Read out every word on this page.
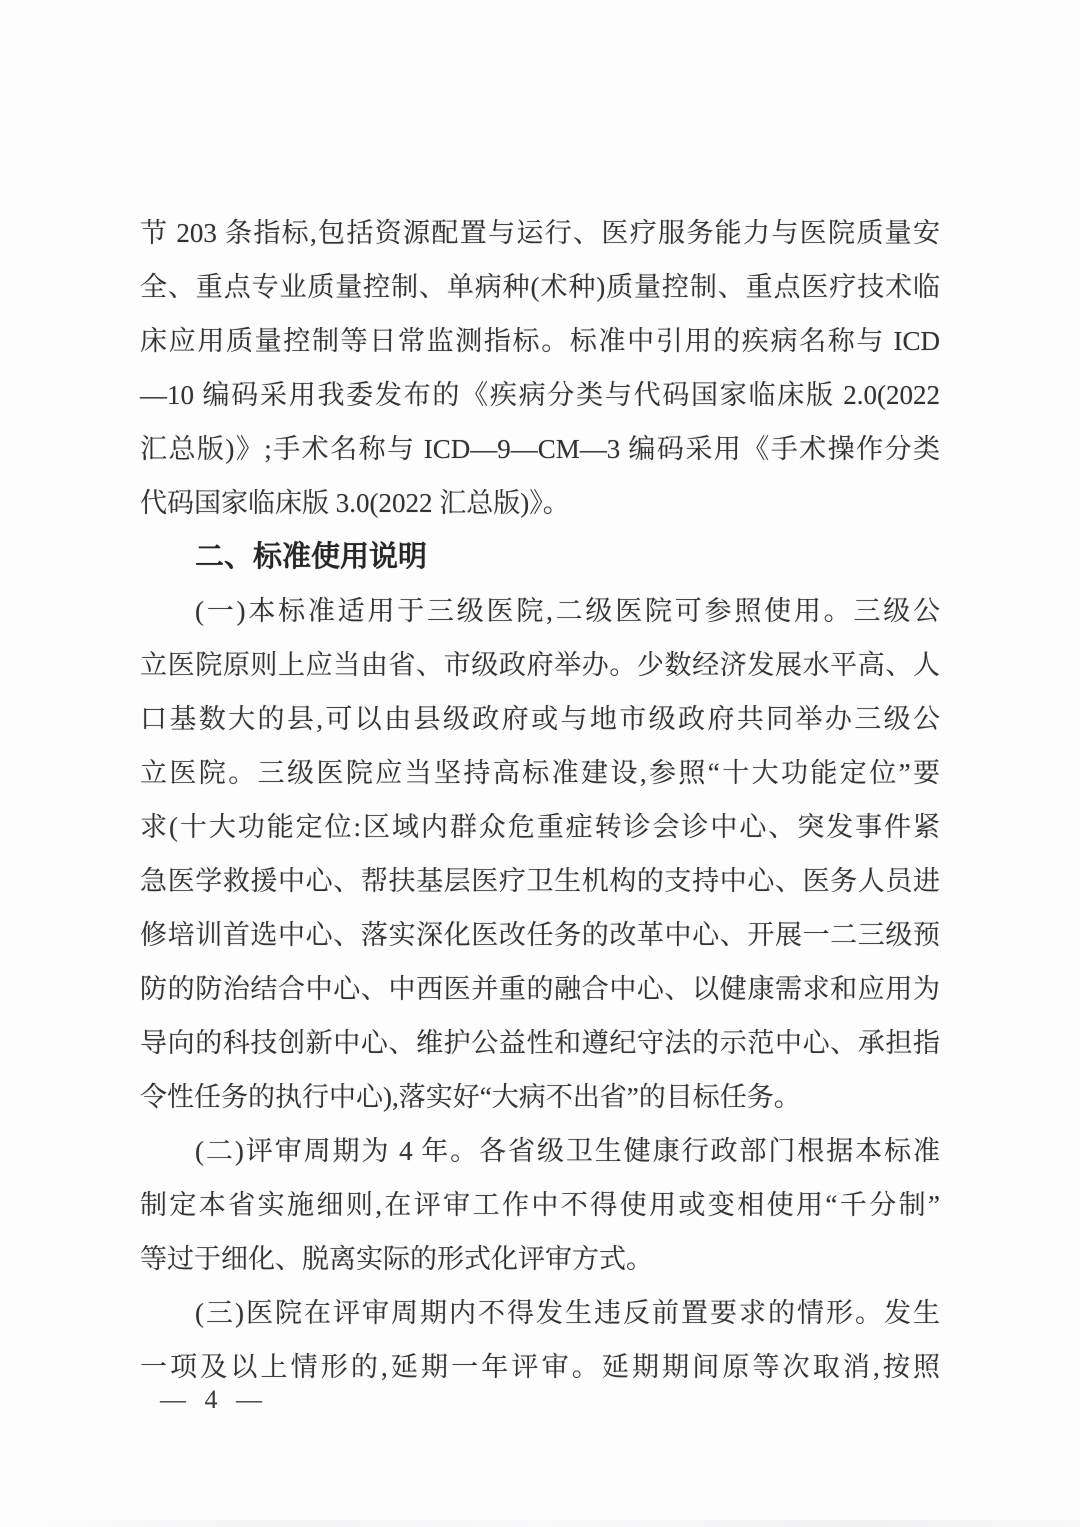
节 203 条指标,包括资源配置与运行、医疗服务能力与医院质量安
全、重点专业质量控制、单病种(术种)质量控制、重点医疗技术临
床应用质量控制等日常监测指标。标准中引用的疾病名称与 ICD
—10 编码采用我委发布的《疾病分类与代码国家临床版 2.0(2022
汇总版)》;手术名称与 ICD—9—CM—3 编码采用《手术操作分类
代码国家临床版 3.0(2022 汇总版)》。
二、标准使用说明
(一)本标准适用于三级医院,二级医院可参照使用。三级公
立医院原则上应当由省、市级政府举办。少数经济发展水平高、人
口基数大的县,可以由县级政府或与地市级政府共同举办三级公
立医院。三级医院应当坚持高标准建设,参照“十大功能定位”要
求(十大功能定位:区域内群众危重症转诊会诊中心、突发事件紧
急医学救援中心、帮扶基层医疗卫生机构的支持中心、医务人员进
修培训首选中心、落实深化医改任务的改革中心、开展一二三级预
防的防治结合中心、中西医并重的融合中心、以健康需求和应用为
导向的科技创新中心、维护公益性和遵纪守法的示范中心、承担指
令性任务的执行中心),落实好“大病不出省”的目标任务。
(二)评审周期为 4 年。各省级卫生健康行政部门根据本标准
制定本省实施细则,在评审工作中不得使用或变相使用“千分制”
等过于细化、脱离实际的形式化评审方式。
(三)医院在评审周期内不得发生违反前置要求的情形。发生
一项及以上情形的,延期一年评审。延期期间原等次取消,按照
— 4 —
